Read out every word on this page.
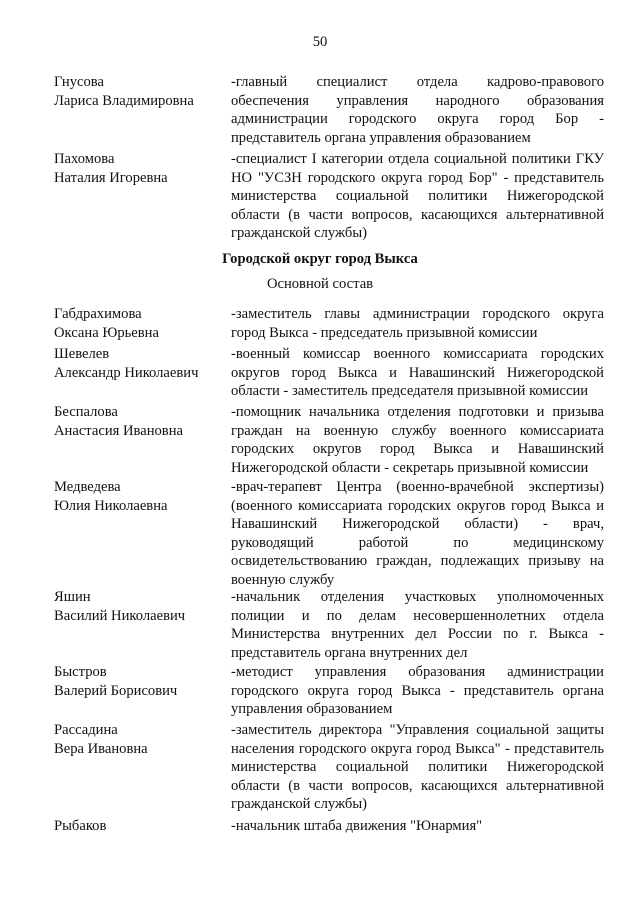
50
Гнусова
Лариса Владимировна
-главный специалист отдела кадрово-правового обеспечения управления народного образования администрации городского округа город Бор - представитель органа управления образованием
Пахомова
Наталия Игоревна
-специалист I категории отдела социальной политики ГКУ НО "УСЗН городского округа город Бор" - представитель министерства социальной политики Нижегородской области (в части вопросов, касающихся альтернативной гражданской службы)
Городской округ город Выкса
Основной состав
Габдрахимова
Оксана Юрьевна
-заместитель главы администрации городского округа город Выкса - председатель призывной комиссии
Шевелев
Александр Николаевич
-военный комиссар военного комиссариата городских округов город Выкса и Навашинский Нижегородской области - заместитель председателя призывной комиссии
Беспалова
Анастасия Ивановна
-помощник начальника отделения подготовки и призыва граждан на военную службу военного комиссариата городских округов город Выкса и Навашинский Нижегородской области - секретарь призывной комиссии
Медведева
Юлия Николаевна
-врач-терапевт Центра (военно-врачебной экспертизы) (военного комиссариата городских округов город Выкса и Навашинский Нижегородской области) - врач, руководящий работой по медицинскому освидетельствованию граждан, подлежащих призыву на военную службу
Яшин
Василий Николаевич
-начальник отделения участковых уполномоченных полиции и по делам несовершеннолетних отдела Министерства внутренних дел России по г. Выкса - представитель органа внутренних дел
Быстров
Валерий Борисович
-методист управления образования администрации городского округа город Выкса - представитель органа управления образованием
Рассадина
Вера Ивановна
-заместитель директора "Управления социальной защиты населения городского округа город Выкса" - представитель министерства социальной политики Нижегородской области (в части вопросов, касающихся альтернативной гражданской службы)
Рыбаков	-начальник штаба движения "Юнармия"
